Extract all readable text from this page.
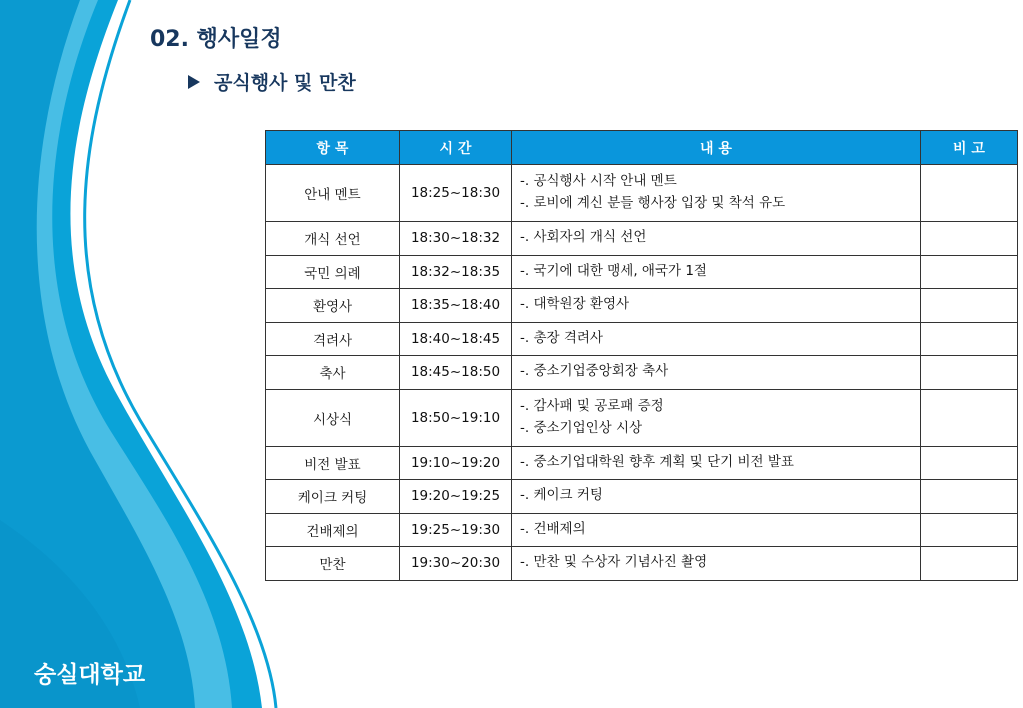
숭실대학교
02. 행사일정
공식행사 및 만찬
항 목	시 간	내 용	비 고
안내 멘트	18:25~18:30	-. 공식행사 시작 안내 멘트
-. 로비에 계신 분들 행사장 입장 및 착석 유도	

개식 선언	18:30~18:32	-. 사회자의 개식 선언	

국민 의례	18:32~18:35	-. 국기에 대한 맹세, 애국가 1절	

환영사	18:35~18:40	-. 대학원장 환영사	

격려사	18:40~18:45	-. 총장 격려사	

축사	18:45~18:50	-. 중소기업중앙회장 축사	

시상식	18:50~19:10	-. 감사패 및 공로패 증정
-. 중소기업인상 시상	

비전 발표	19:10~19:20	-. 중소기업대학원 향후 계획 및 단기 비전 발표	

케이크 커팅	19:20~19:25	-. 케이크 커팅	

건배제의	19:25~19:30	-. 건배제의	

만찬	19:30~20:30	-. 만찬 및 수상자 기념사진 촬영	
